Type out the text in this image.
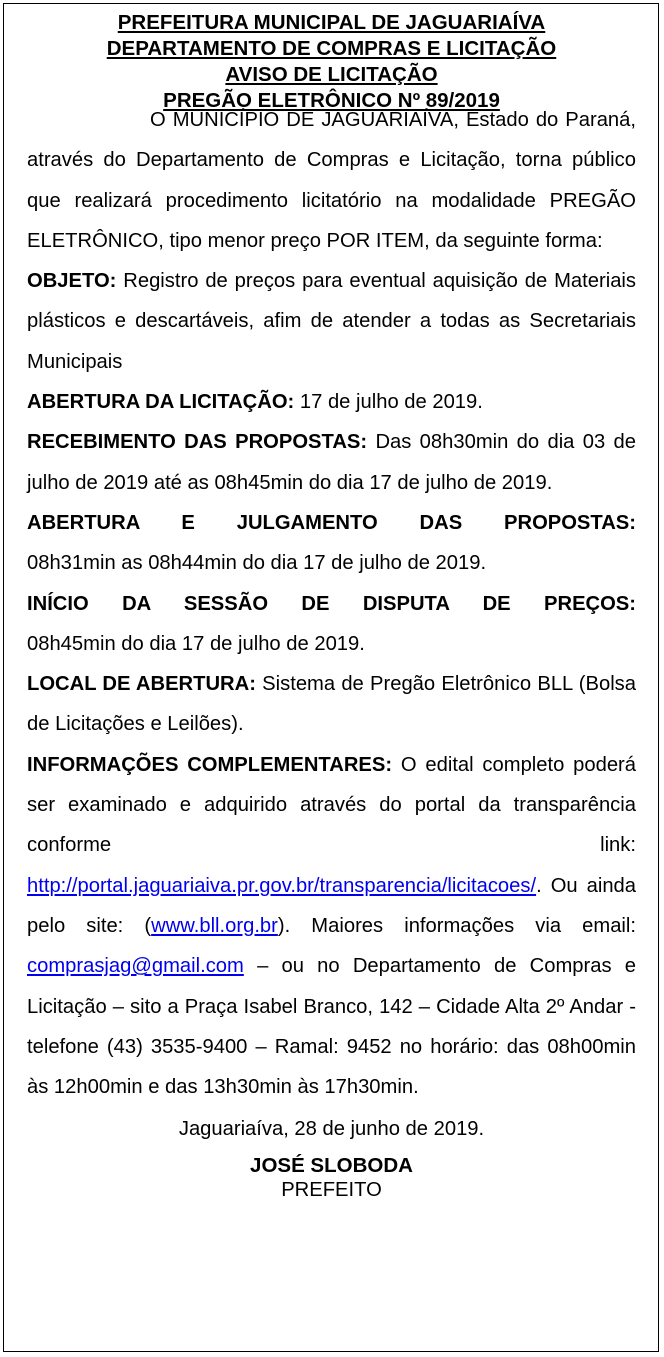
PREFEITURA MUNICIPAL DE JAGUARIAÍVA
DEPARTAMENTO DE COMPRAS E LICITAÇÃO
AVISO DE LICITAÇÃO
PREGÃO ELETRÔNICO Nº 89/2019

O MUNICÍPIO DE JAGUARIAÍVA, Estado do Paraná, através do Departamento de Compras e Licitação, torna público que realizará procedimento licitatório na modalidade PREGÃO ELETRÔNICO, tipo menor preço POR ITEM, da seguinte forma:

OBJETO: Registro de preços para eventual aquisição de Materiais plásticos e descartáveis, afim de atender a todas as Secretariais Municipais

ABERTURA DA LICITAÇÃO: 17 de julho de 2019.

RECEBIMENTO DAS PROPOSTAS: Das 08h30min do dia 03 de julho de 2019 até as 08h45min do dia 17 de julho de 2019.

ABERTURA E JULGAMENTO DAS PROPOSTAS:
08h31min as 08h44min do dia 17 de julho de 2019.

INÍCIO DA SESSÃO DE DISPUTA DE PREÇOS:
08h45min do dia 17 de julho de 2019.

LOCAL DE ABERTURA: Sistema de Pregão Eletrônico BLL (Bolsa de Licitações e Leilões).

INFORMAÇÕES COMPLEMENTARES: O edital completo poderá ser examinado e adquirido através do portal da transparência conforme link: http://portal.jaguariaiva.pr.gov.br/transparencia/licitacoes/. Ou ainda pelo site: (www.bll.org.br). Maiores informações via email: comprasjag@gmail.com – ou no Departamento de Compras e Licitação – sito a Praça Isabel Branco, 142 – Cidade Alta 2º Andar - telefone (43) 3535-9400 – Ramal: 9452 no horário: das 08h00min às 12h00min e das 13h30min às 17h30min.

Jaguariaíva, 28 de junho de 2019.
JOSÉ SLOBODA
PREFEITO
